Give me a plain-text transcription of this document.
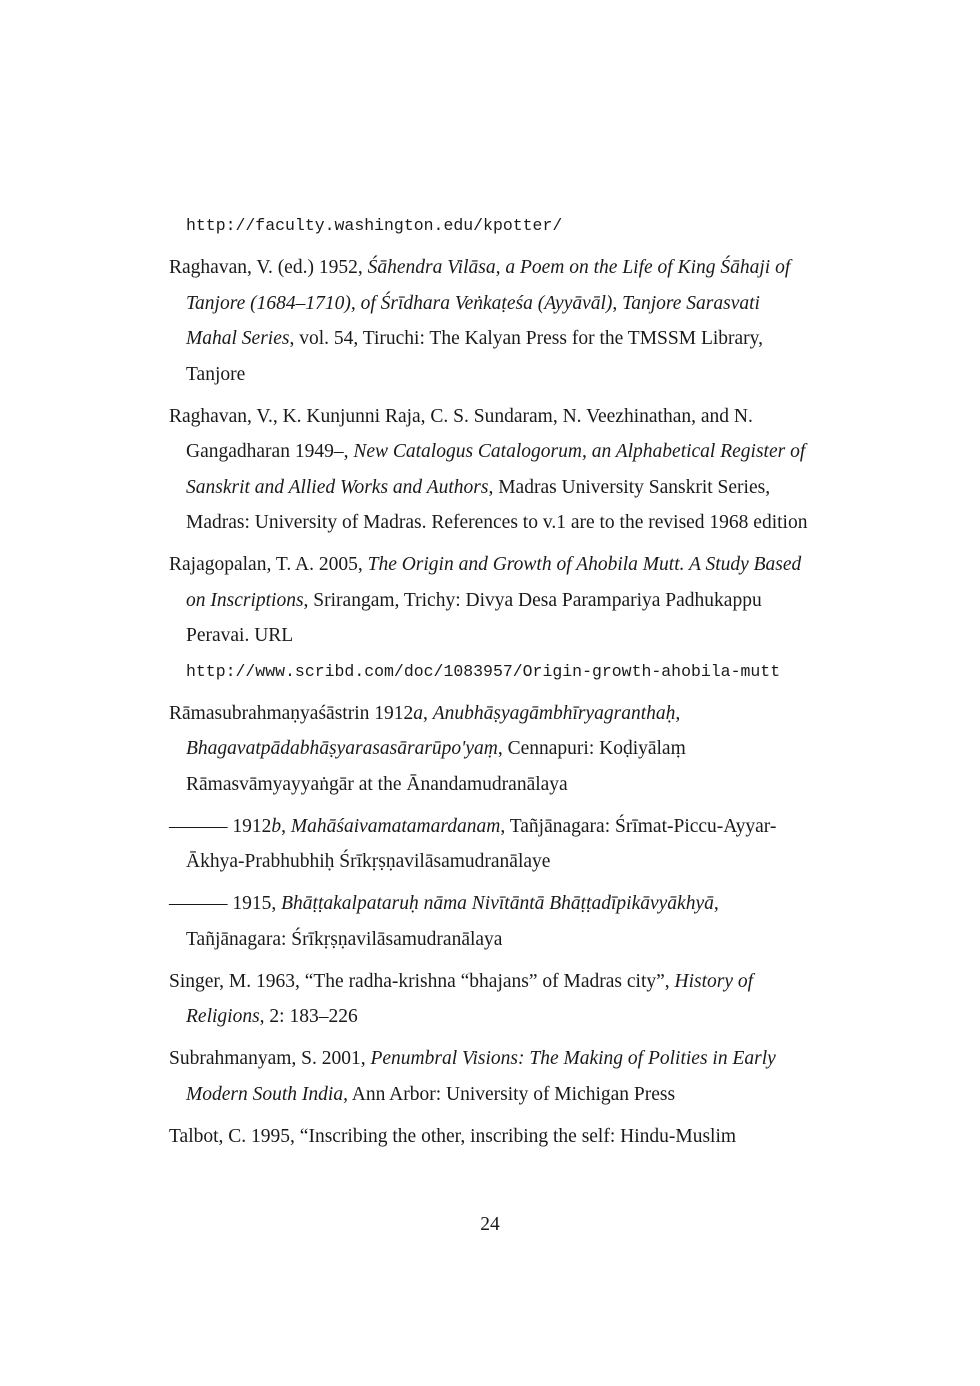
http://faculty.washington.edu/kpotter/
Raghavan, V. (ed.) 1952, Śāhendra Vilāsa, a Poem on the Life of King Śāhaji of Tanjore (1684–1710), of Śrīdhara Veṅkaṭeśa (Ayyāvāl), Tanjore Sarasvati Mahal Series, vol. 54, Tiruchi: The Kalyan Press for the TMSSM Library, Tanjore
Raghavan, V., K. Kunjunni Raja, C. S. Sundaram, N. Veezhinathan, and N. Gangadharan 1949–, New Catalogus Catalogorum, an Alphabetical Register of Sanskrit and Allied Works and Authors, Madras University Sanskrit Series, Madras: University of Madras. References to v.1 are to the revised 1968 edition
Rajagopalan, T. A. 2005, The Origin and Growth of Ahobila Mutt. A Study Based on Inscriptions, Srirangam, Trichy: Divya Desa Parampariya Padhukappu Peravai. URL
http://www.scribd.com/doc/1083957/Origin-growth-ahobila-mutt
Rāmasubrahmaṇyaśāstrin 1912a, Anubhāṣyagāmbhīryagranthaḥ, Bhagavatpādabhāṣyarasasārarūpo'yaṃ, Cennapuri: Koḍiyālaṃ Rāmasvāmyayyaṅgār at the Ānandamudranālaya
——— 1912b, Mahāśaivamatamardanam, Tañjānagara: Śrīmat-Piccu-Ayyar-Ākhya-Prabhubhiḥ Śrīkṛṣṇavilāsamudranālaye
——— 1915, Bhāṭṭakalpataruḥ nāma Nivītāntā Bhāṭṭadīpikāvyākhyā, Tañjānagara: Śrīkṛṣṇavilāsamudranālaya
Singer, M. 1963, “The radha-krishna “bhajans” of Madras city”, History of Religions, 2: 183–226
Subrahmanyam, S. 2001, Penumbral Visions: The Making of Polities in Early Modern South India, Ann Arbor: University of Michigan Press
Talbot, C. 1995, “Inscribing the other, inscribing the self: Hindu-Muslim
24
